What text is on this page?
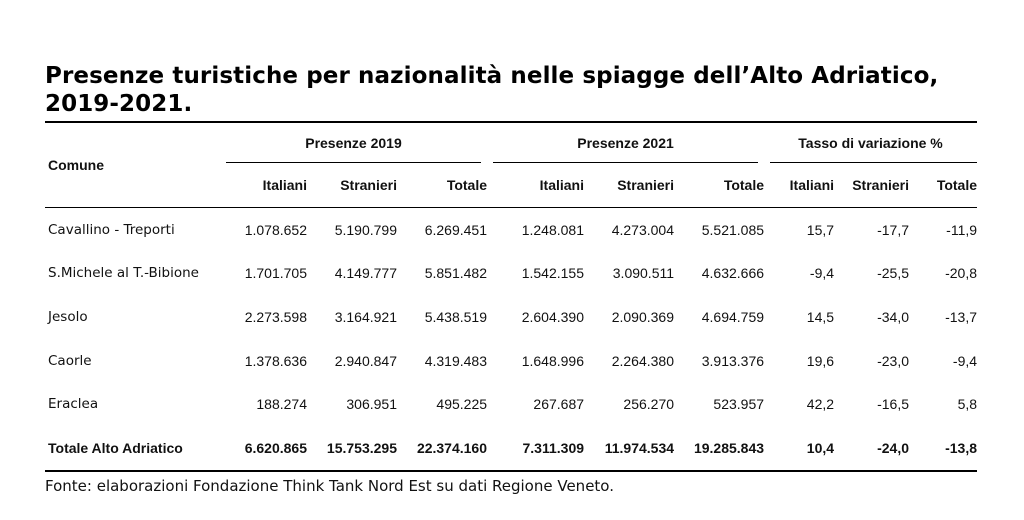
Presenze turistiche per nazionalità nelle spiagge dell’Alto Adriatico, 2019-2021.
Comune	Presenze 2019			Presenze 2021			Tasso di variazione %		

	Italiani	Stranieri	Totale	Italiani	Stranieri	Totale	Italiani	Stranieri	Totale
Cavallino - Treporti	1.078.652	5.190.799	6.269.451	1.248.081	4.273.004	5.521.085	15,7	-17,7	-11,9
S.Michele al T.-Bibione	1.701.705	4.149.777	5.851.482	1.542.155	3.090.511	4.632.666	-9,4	-25,5	-20,8
Jesolo	2.273.598	3.164.921	5.438.519	2.604.390	2.090.369	4.694.759	14,5	-34,0	-13,7
Caorle	1.378.636	2.940.847	4.319.483	1.648.996	2.264.380	3.913.376	19,6	-23,0	-9,4
Eraclea	188.274	306.951	495.225	267.687	256.270	523.957	42,2	-16,5	5,8
Totale Alto Adriatico	6.620.865	15.753.295	22.374.160	7.311.309	11.974.534	19.285.843	10,4	-24,0	-13,8
Fonte: elaborazioni Fondazione Think Tank Nord Est su dati Regione Veneto.
